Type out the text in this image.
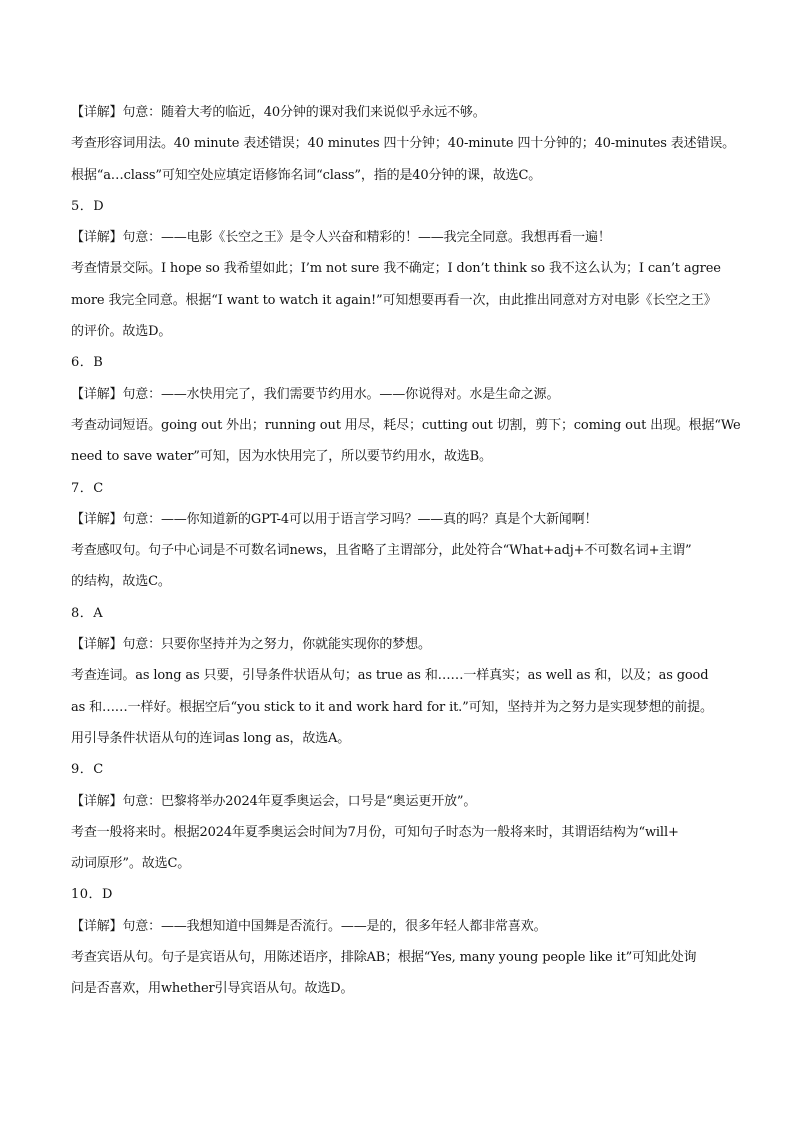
【详解】句意：随着大考的临近，40分钟的课对我们来说似乎永远不够。
考查形容词用法。40 minute 表述错误；40 minutes 四十分钟；40-minute 四十分钟的；40-minutes 表述错误。
根据“a…class”可知空处应填定语修饰名词“class”，指的是40分钟的课，故选C。
5．D
【详解】句意：——电影《长空之王》是令人兴奋和精彩的！——我完全同意。我想再看一遍！
考查情景交际。I hope so 我希望如此；I’m not sure 我不确定；I don’t think so 我不这么认为；I can’t agree
more 我完全同意。根据“I want to watch it again!”可知想要再看一次，由此推出同意对方对电影《长空之王》
的评价。故选D。
6．B
【详解】句意：——水快用完了，我们需要节约用水。——你说得对。水是生命之源。
考查动词短语。going out 外出；running out 用尽，耗尽；cutting out 切割，剪下；coming out 出现。根据“We
need to save water”可知，因为水快用完了，所以要节约用水，故选B。
7．C
【详解】句意：——你知道新的GPT-4可以用于语言学习吗？——真的吗？真是个大新闻啊！
考查感叹句。句子中心词是不可数名词news，且省略了主谓部分，此处符合“What+adj+不可数名词+主谓”
的结构，故选C。
8．A
【详解】句意：只要你坚持并为之努力，你就能实现你的梦想。
考查连词。as long as 只要，引导条件状语从句；as true as 和……一样真实；as well as 和，以及；as good
as 和……一样好。根据空后“you stick to it and work hard for it.”可知，坚持并为之努力是实现梦想的前提。
用引导条件状语从句的连词as long as，故选A。
9．C
【详解】句意：巴黎将举办2024年夏季奥运会，口号是“奥运更开放”。
考查一般将来时。根据2024年夏季奥运会时间为7月份，可知句子时态为一般将来时，其谓语结构为“will+
动词原形”。故选C。
10．D
【详解】句意：——我想知道中国舞是否流行。——是的，很多年轻人都非常喜欢。
考查宾语从句。句子是宾语从句，用陈述语序，排除AB；根据“Yes, many young people like it”可知此处询
问是否喜欢，用whether引导宾语从句。故选D。
